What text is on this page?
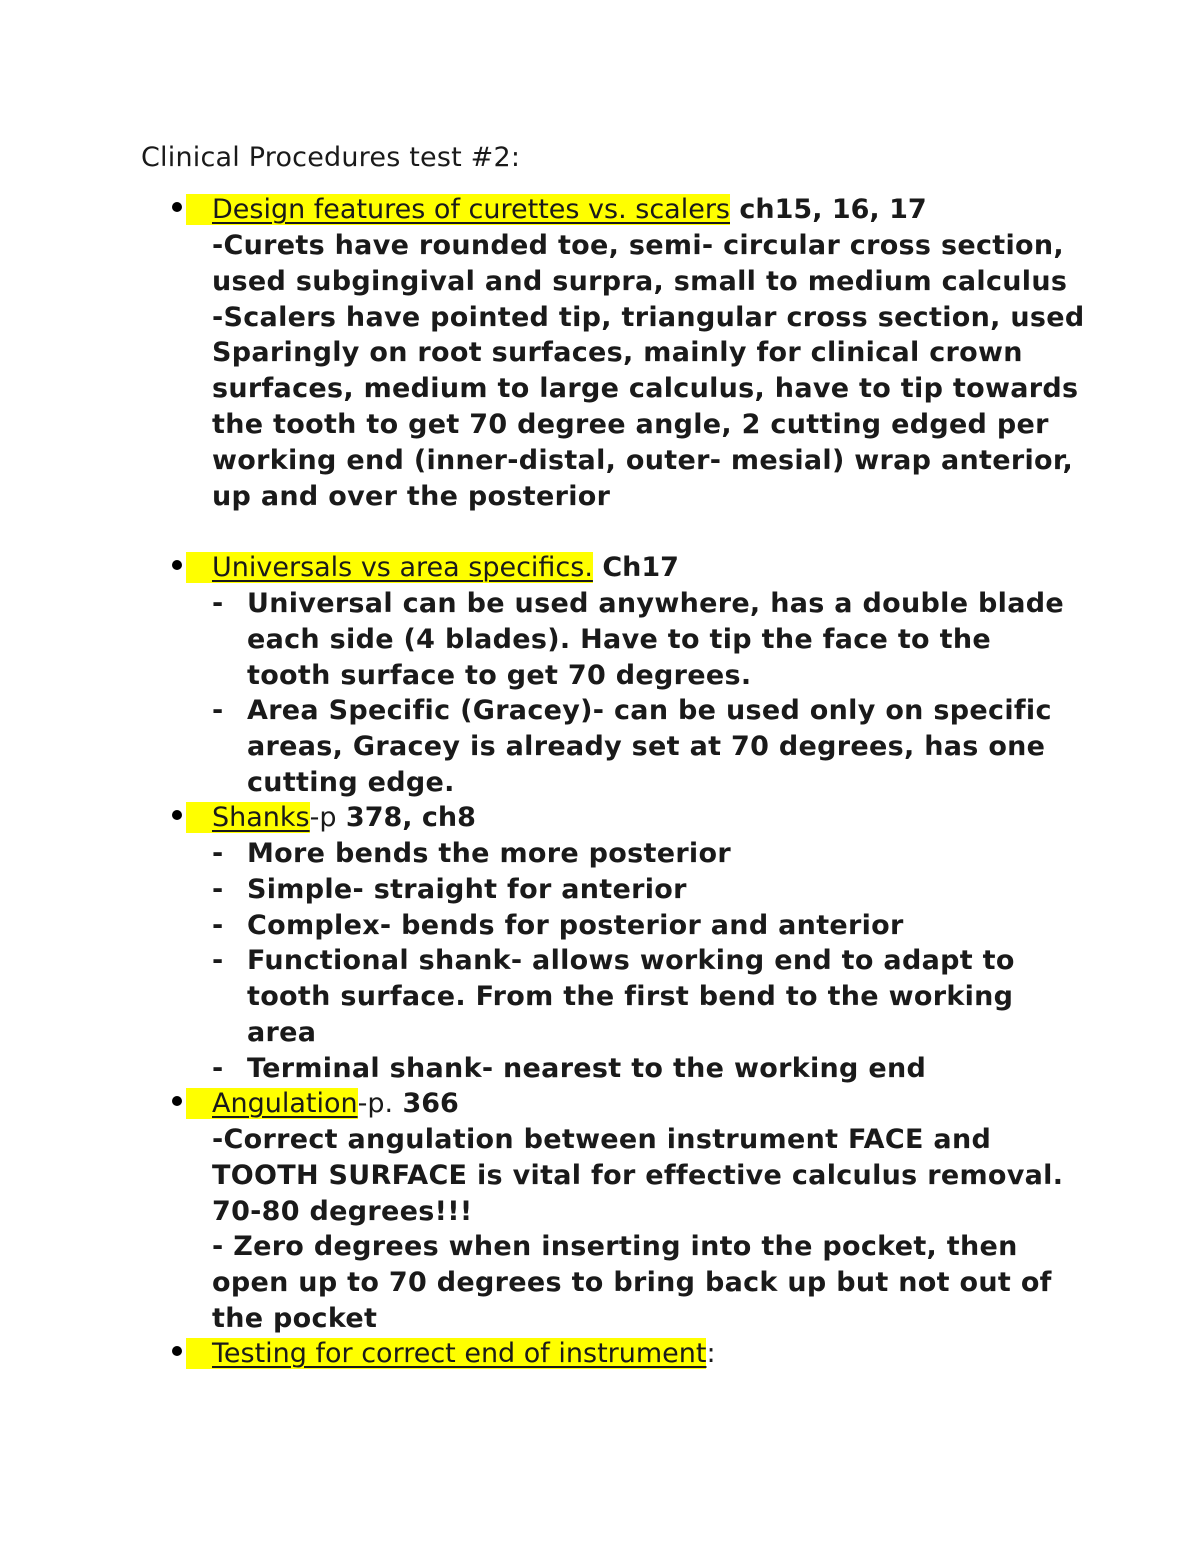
Clinical Procedures test #2:
Design features of curettes vs. scalers ch15, 16, 17

-Curets have rounded toe, semi- circular cross section, used subgingival and surpra, small to medium calculus

-Scalers have pointed tip, triangular cross section, used Sparingly on root surfaces, mainly for clinical crown surfaces, medium to large calculus, have to tip towards the tooth to get 70 degree angle, 2 cutting edged per working end (inner-distal, outer- mesial) wrap anterior, up and over the posterior

Universals vs area specifics. Ch17
- Universal can be used anywhere, has a double blade each side (4 blades). Have to tip the face to the tooth surface to get 70 degrees.
- Area Specific (Gracey)- can be used only on specific areas, Gracey is already set at 70 degrees, has one cutting edge.
Shanks-p 378, ch8
- More bends the more posterior
- Simple- straight for anterior
- Complex- bends for posterior and anterior
- Functional shank- allows working end to adapt to tooth surface. From the first bend to the working area
- Terminal shank- nearest to the working end
Angulation-p. 366

-Correct angulation between instrument FACE and TOOTH SURFACE is vital for effective calculus removal. 70-80 degrees!!!

- Zero degrees when inserting into the pocket, then open up to 70 degrees to bring back up but not out of the pocket

Testing for correct end of instrument:
